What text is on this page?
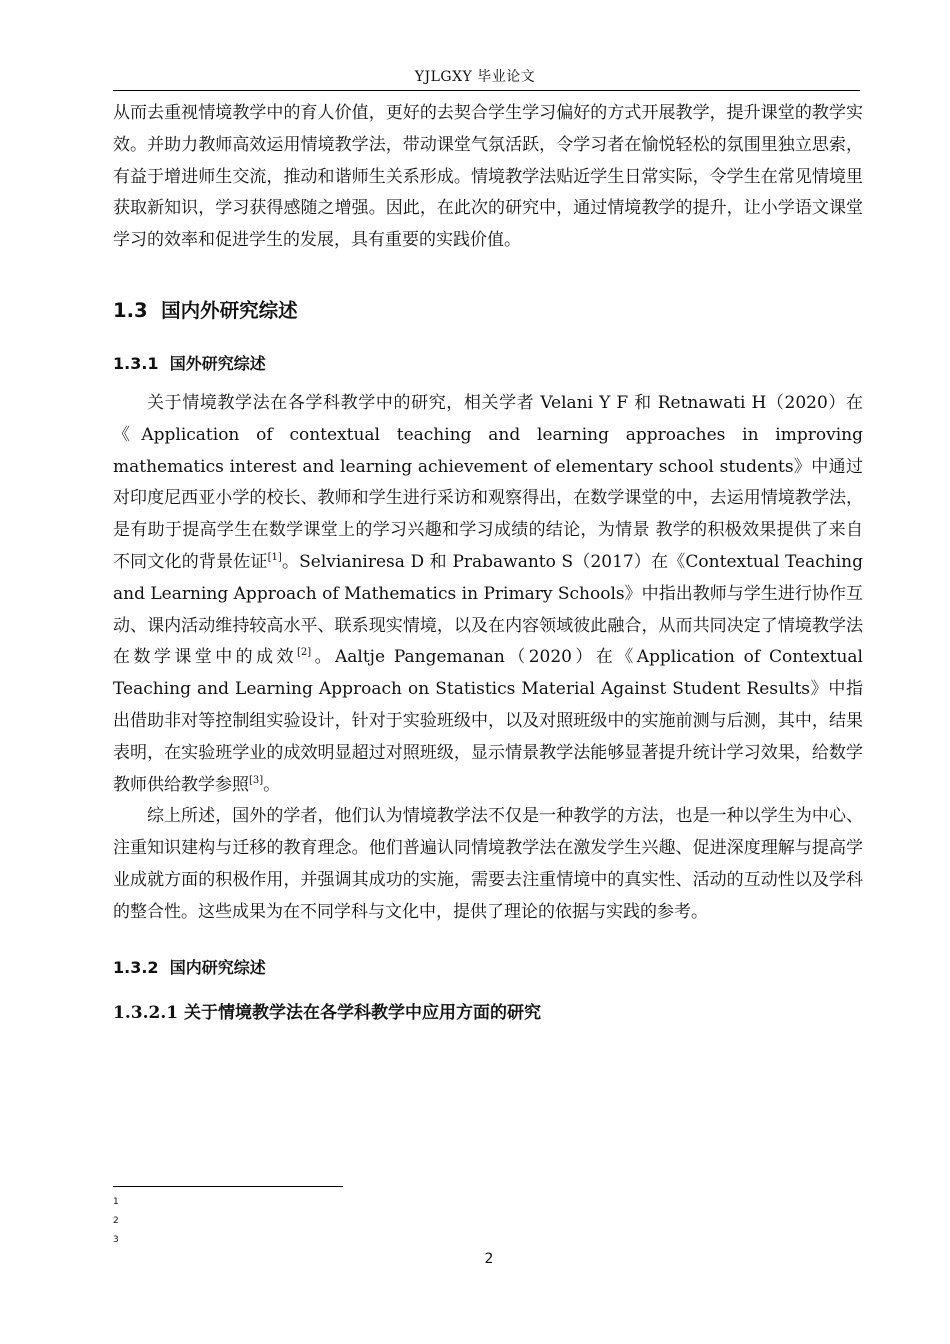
YJLGXY 毕业论文

从而去重视情境教学中的育人价值，更好的去契合学生学习偏好的方式开展教学，提升课堂的教学实效。并助力教师高效运用情境教学法，带动课堂气氛活跃，令学习者在愉悦轻松的氛围里独立思索，有益于增进师生交流，推动和谐师生关系形成。情境教学法贴近学生日常实际，令学生在常见情境里获取新知识，学习获得感随之增强。因此，在此次的研究中，通过情境教学的提升，让小学语文课堂学习的效率和促进学生的发展，具有重要的实践价值。

1.3 国内外研究综述
1.3.1 国外研究综述

关于情境教学法在各学科教学中的研究，相关学者 Velani Y F 和 Retnawati H（2020）在《Application of contextual teaching and learning approaches in improving mathematics interest and learning achievement of elementary school students》中通过对印度尼西亚小学的校长、教师和学生进行采访和观察得出，在数学课堂的中，去运用情境教学法，是有助于提高学生在数学课堂上的学习兴趣和学习成绩的结论，为情景 教学的积极效果提供了来自不同文化的背景佐证[1]。Selvianiresa D 和 Prabawanto S（2017）在《Contextual Teaching and Learning Approach of Mathematics in Primary Schools》中指出教师与学生进行协作互动、课内活动维持较高水平、联系现实情境，以及在内容领域彼此融合，从而共同决定了情境教学法在数学课堂中的成效[2]。Aaltje Pangemanan（2020）在《Application of Contextual Teaching and Learning Approach on Statistics Material Against Student Results》中指出借助非对等控制组实验设计，针对于实验班级中，以及对照班级中的实施前测与后测，其中，结果表明，在实验班学业的成效明显超过对照班级，显示情景教学法能够显著提升统计学习效果，给数学教师供给教学参照[3]。

综上所述，国外的学者，他们认为情境教学法不仅是一种教学的方法，也是一种以学生为中心、注重知识建构与迁移的教育理念。他们普遍认同情境教学法在激发学生兴趣、促进深度理解与提高学业成就方面的积极作用，并强调其成功的实施，需要去注重情境中的真实性、活动的互动性以及学科的整合性。这些成果为在不同学科与文化中，提供了理论的依据与实践的参考。

1.3.2 国内研究综述
1.3.2.1 关于情境教学法在各学科教学中应用方面的研究
1
2
3
2
